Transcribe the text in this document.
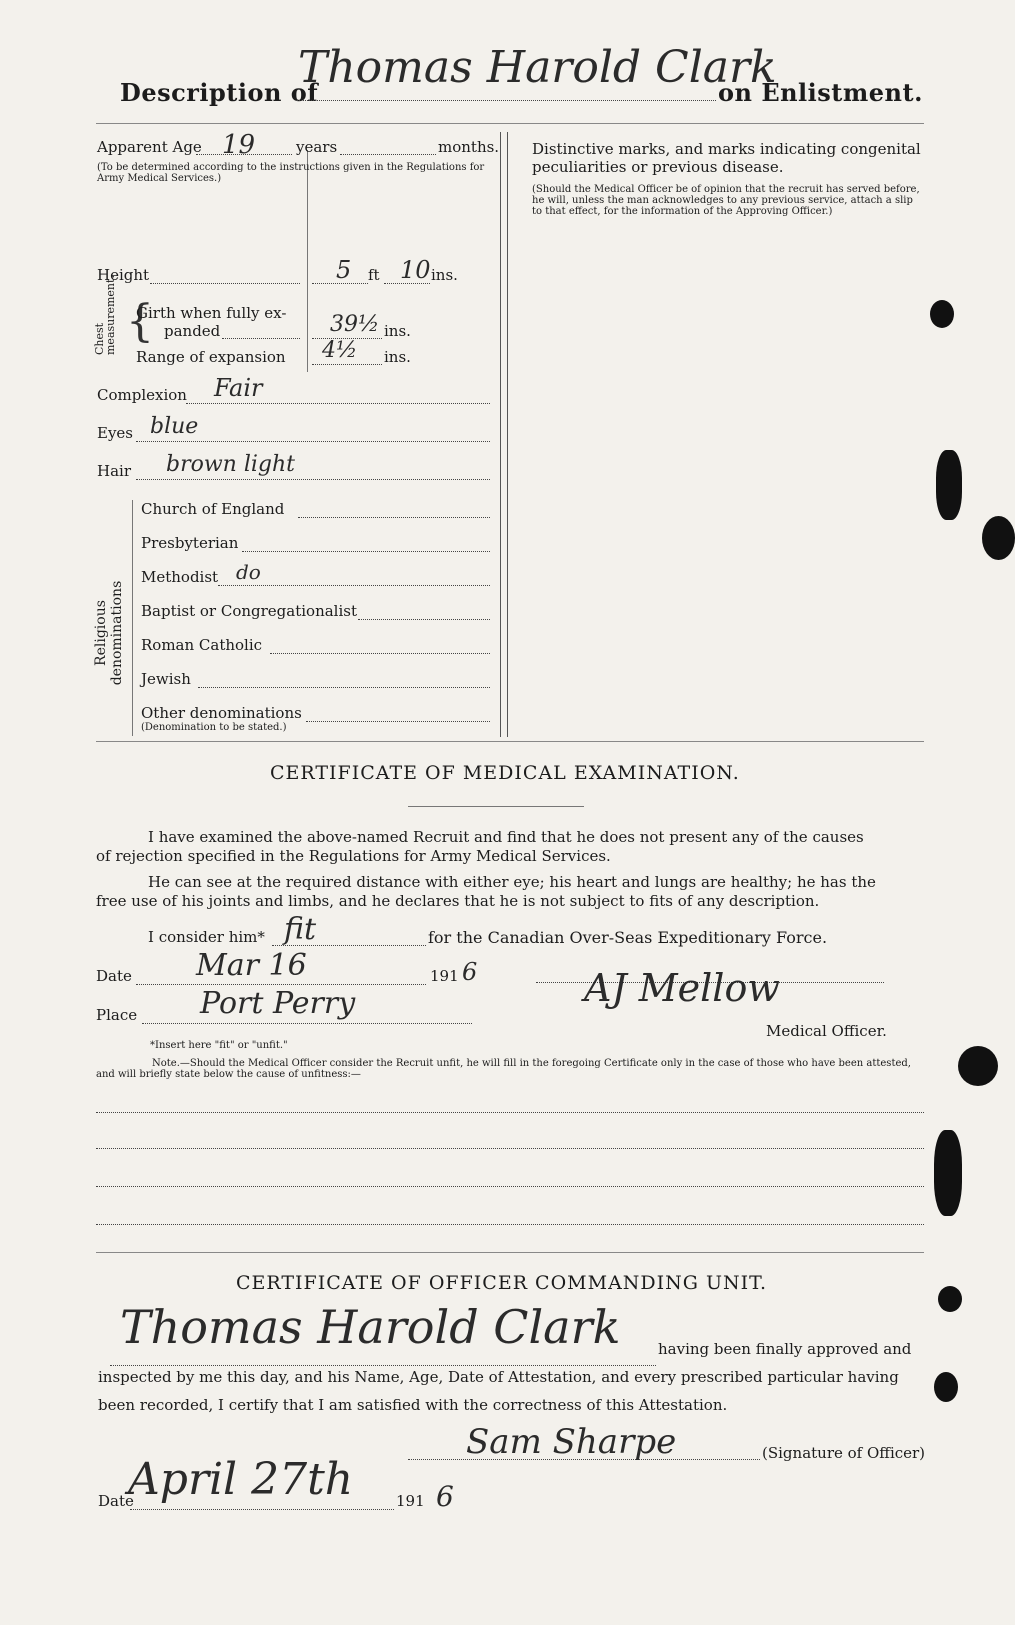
Description of
Thomas Harold Clark
on Enlistment.
Apparent Age 19	years	months.
(To be determined according to the instructions given in the Regulations for Army Medical Services.)
Height	5 ft 10 ins.
Chest measurement. {
Girth when fully ex-
panded	39½ ins.
Range of expansion 4½ ins.
Complexion Fair
Eyes blue
Hair brown light
Religious denominations
Church of England
Presbyterian
Methodist do
Baptist or Congregationalist
Roman Catholic
Jewish
Other denominations
(Denomination to be stated.)
Distinctive marks, and marks indicating congenital
peculiarities or previous disease.
(Should the Medical Officer be of opinion that the recruit has served before, he will, unless the man acknowledges to any previous service, attach a slip to that effect, for the information of the Approving Officer.)
CERTIFICATE OF MEDICAL EXAMINATION.
I have examined the above-named Recruit and find that he does not present any of the causes
of rejection specified in the Regulations for Army Medical Services.
He can see at the required distance with either eye; his heart and lungs are healthy; he has the
free use of his joints and limbs, and he declares that he is not subject to fits of any description.
I consider him* fit	for the Canadian Over-Seas Expeditionary Force.
Date Mar 16	191 6
Place Port Perry	AJ Mellow
Medical Officer.
*Insert here "fit" or "unfit."
Note.—Should the Medical Officer consider the Recruit unfit, he will fill in the foregoing Certificate only in the case of those who have been attested, and will briefly state below the cause of unfitness:—
CERTIFICATE OF OFFICER COMMANDING UNIT.
Thomas Harold Clark	having been finally approved and
inspected by me this day, and his Name, Age, Date of Attestation, and every prescribed particular having
been recorded, I certify that I am satisfied with the correctness of this Attestation.
Sam Sharpe	(Signature of Officer)
Date
April 27th	191 6
